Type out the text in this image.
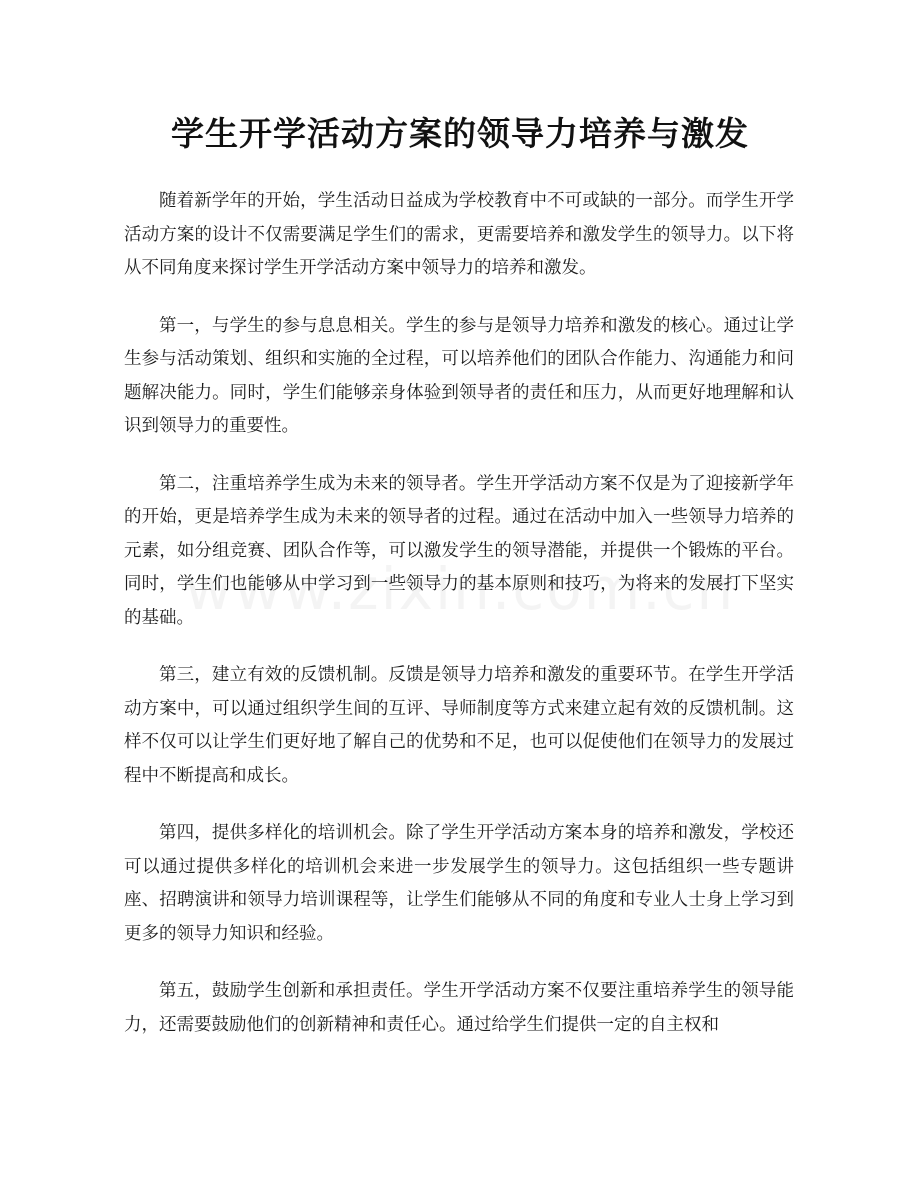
学生开学活动方案的领导力培养与激发

随着新学年的开始，学生活动日益成为学校教育中不可或缺的一部分。而学生开学活动方案的设计不仅需要满足学生们的需求，更需要培养和激发学生的领导力。以下将从不同角度来探讨学生开学活动方案中领导力的培养和激发。

第一，与学生的参与息息相关。学生的参与是领导力培养和激发的核心。通过让学生参与活动策划、组织和实施的全过程，可以培养他们的团队合作能力、沟通能力和问题解决能力。同时，学生们能够亲身体验到领导者的责任和压力，从而更好地理解和认识到领导力的重要性。

第二，注重培养学生成为未来的领导者。学生开学活动方案不仅是为了迎接新学年的开始，更是培养学生成为未来的领导者的过程。通过在活动中加入一些领导力培养的元素，如分组竞赛、团队合作等，可以激发学生的领导潜能，并提供一个锻炼的平台。同时，学生们也能够从中学习到一些领导力的基本原则和技巧，为将来的发展打下坚实的基础。

第三，建立有效的反馈机制。反馈是领导力培养和激发的重要环节。在学生开学活动方案中，可以通过组织学生间的互评、导师制度等方式来建立起有效的反馈机制。这样不仅可以让学生们更好地了解自己的优势和不足，也可以促使他们在领导力的发展过程中不断提高和成长。

第四，提供多样化的培训机会。除了学生开学活动方案本身的培养和激发，学校还可以通过提供多样化的培训机会来进一步发展学生的领导力。这包括组织一些专题讲座、招聘演讲和领导力培训课程等，让学生们能够从不同的角度和专业人士身上学习到更多的领导力知识和经验。

第五，鼓励学生创新和承担责任。学生开学活动方案不仅要注重培养学生的领导能力，还需要鼓励他们的创新精神和责任心。通过给学生们提供一定的自主权和
